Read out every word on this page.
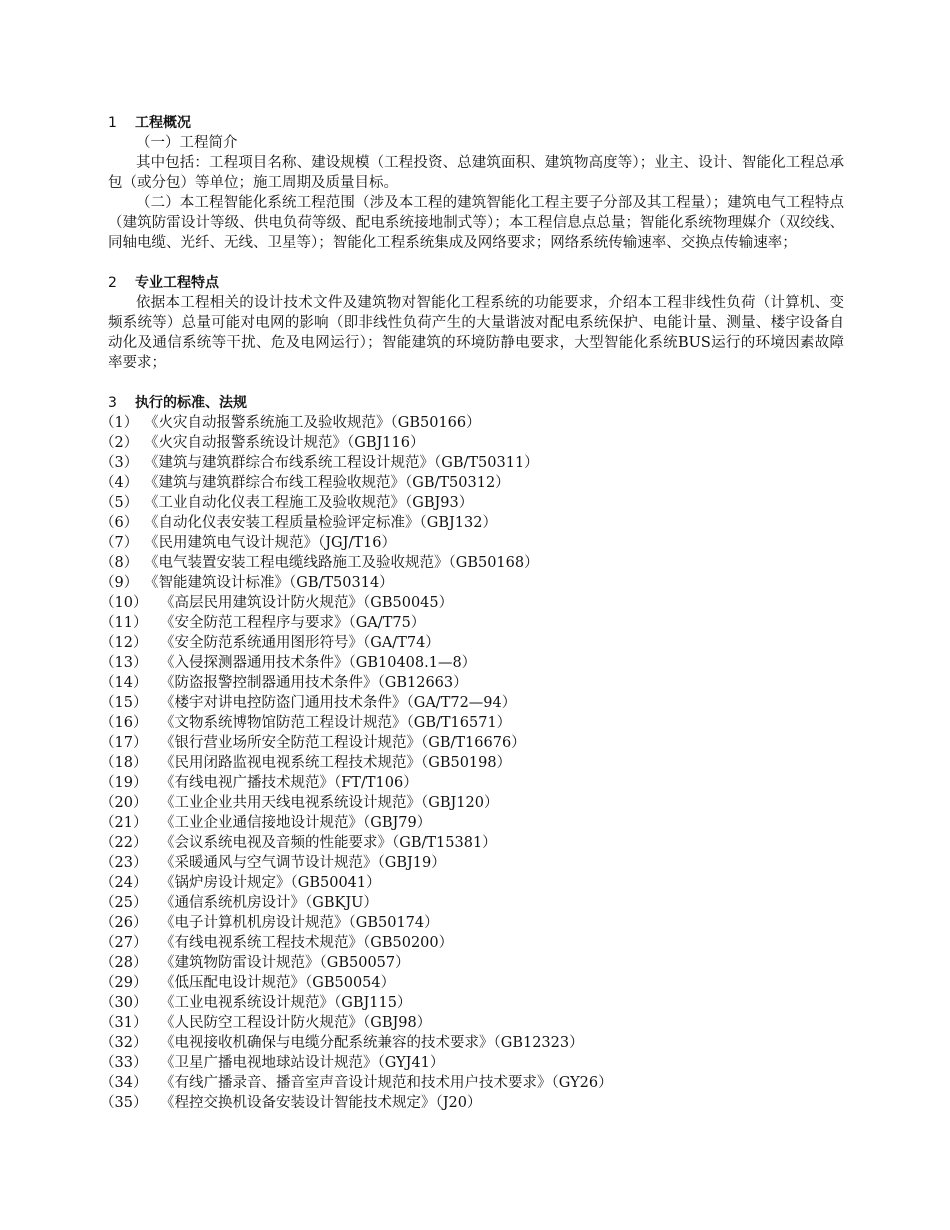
1	工程概况
（一）工程简介
其中包括：工程项目名称、建设规模（工程投资、总建筑面积、建筑物高度等）；业主、设计、智能化工程总承包（或分包）等单位；施工周期及质量目标。
（二）本工程智能化系统工程范围（涉及本工程的建筑智能化工程主要子分部及其工程量）；建筑电气工程特点（建筑防雷设计等级、供电负荷等级、配电系统接地制式等）；本工程信息点总量；智能化系统物理媒介（双绞线、同轴电缆、光纤、无线、卫星等）；智能化工程系统集成及网络要求；网络系统传输速率、交换点传输速率；
2	专业工程特点
依据本工程相关的设计技术文件及建筑物对智能化工程系统的功能要求，介绍本工程非线性负荷（计算机、变频系统等）总量可能对电网的影响（即非线性负荷产生的大量谐波对配电系统保护、电能计量、测量、楼宇设备自动化及通信系统等干扰、危及电网运行）；智能建筑的环境防静电要求，大型智能化系统BUS运行的环境因素故障率要求；
3	执行的标准、法规
（1） 《火灾自动报警系统施工及验收规范》（GB50166）
（2） 《火灾自动报警系统设计规范》（GBJ116）
（3） 《建筑与建筑群综合布线系统工程设计规范》（GB/T50311）
（4） 《建筑与建筑群综合布线工程验收规范》（GB/T50312）
（5） 《工业自动化仪表工程施工及验收规范》（GBJ93）
（6） 《自动化仪表安装工程质量检验评定标准》（GBJ132）
（7） 《民用建筑电气设计规范》（JGJ/T16）
（8） 《电气装置安装工程电缆线路施工及验收规范》（GB50168）
（9） 《智能建筑设计标准》（GB/T50314）
（10） 《高层民用建筑设计防火规范》（GB50045）
（11） 《安全防范工程程序与要求》（GA/T75）
（12） 《安全防范系统通用图形符号》（GA/T74）
（13） 《入侵探测器通用技术条件》（GB10408.1—8）
（14） 《防盗报警控制器通用技术条件》（GB12663）
（15） 《楼宇对讲电控防盗门通用技术条件》（GA/T72—94）
（16） 《文物系统博物馆防范工程设计规范》（GB/T16571）
（17） 《银行营业场所安全防范工程设计规范》（GB/T16676）
（18） 《民用闭路监视电视系统工程技术规范》（GB50198）
（19） 《有线电视广播技术规范》（FT/T106）
（20） 《工业企业共用天线电视系统设计规范》（GBJ120）
（21） 《工业企业通信接地设计规范》（GBJ79）
（22） 《会议系统电视及音频的性能要求》（GB/T15381）
（23） 《采暖通风与空气调节设计规范》（GBJ19）
（24） 《锅炉房设计规定》（GB50041）
（25） 《通信系统机房设计》（GBKJU）
（26） 《电子计算机机房设计规范》（GB50174）
（27） 《有线电视系统工程技术规范》（GB50200）
（28） 《建筑物防雷设计规范》（GB50057）
（29） 《低压配电设计规范》（GB50054）
（30） 《工业电视系统设计规范》（GBJ115）
（31） 《人民防空工程设计防火规范》（GBJ98）
（32） 《电视接收机确保与电缆分配系统兼容的技术要求》（GB12323）
（33） 《卫星广播电视地球站设计规范》（GYJ41）
（34） 《有线广播录音、播音室声音设计规范和技术用户技术要求》（GY26）
（35） 《程控交换机设备安装设计智能技术规定》（J20）
